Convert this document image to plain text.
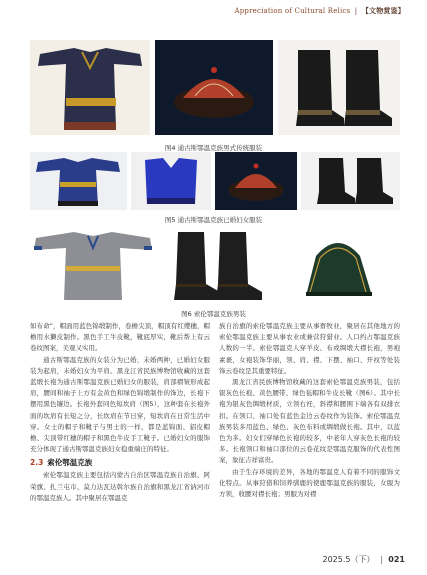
Appreciation of Cultural Relics | 【文物赏鉴】
图4 通古斯鄂温克族男式传统服装
图5 通古斯鄂温克族已婚妇女服装
图6 索伦鄂温克族男装

如布命”，帽面用蓝色锦缎制作，卷檐尖顶，帽顶有红缨穗，帽檐用水獭皮制作。黑色手工牛皮靴，靴底厚实，靴后帮上有云卷纹图案，美观又实用。

通古斯鄂温克族的女装分为已婚、未婚两种，已婚妇女服装为起肩，未婚妇女为平肩。黑龙江省民族博物馆收藏的这套蓝缎长袍为通古斯鄂温克族已婚妇女的服装，肩部褶皱形成起肩，腰间和袖子上方有金黄色和绿色锦缎制作的饰边，长袍下摆用黑色镶边。长袍外套同色短坎肩（图5），这种套在长袍外面的坎肩有长短之分，长坎肩在节日穿，短坎肩在日常生活中穿。女士的帽子和靴子与男士的一样，都是蓝锦面、貂皮帽檐、尖顶带红穗的帽子和黑色牛皮手工靴子。已婚妇女的服饰充分体现了通古斯鄂温克族妇女稳重端庄的特征。

2.3 索伦鄂温克族

索伦鄂温克族主要包括内蒙古自治区鄂温克族自治旗、阿荣旗、扎兰屯市、莫力达瓦达斡尔族自治旗和黑龙江省讷河市的鄂温克族人。其中聚居在鄂温克

族自治旗的索伦鄂温克族主要从事畜牧业，聚居在其他地方的索伦鄂温克族主要从事农业或兼营狩猎业。人口约占鄂温克族人数的一半。索伦鄂温克人穿羊皮、布或绸缎大襟长袍，男袍素裹，女袍装饰华丽，领、肩、襟、下摆、袖口、开衩等处装饰云卷纹是其重要特征。

黑龙江省民族博物馆收藏的这套索伦鄂温克族男装，包括银灰色长袍、黄色腰带、绿色毡帽和牛皮长靴（图6）。其中长袍为银灰色绸缎材质，立领右衽，斜襟和腰围下端各有双排衣扣。在领口、袖口处有蓝色金边云卷纹作为装饰。索伦鄂温克族男装多用蓝色、绿色、灰色布料或绸缎做长袍。其中，以蓝色为多。妇女们穿绿色长袍的较多，中老年人穿灰色长袍的较多。长袍领口和袖口部位的云卷花纹是鄂温克服饰的代表性图案，象征吉祥富贵。

由于生存环境的差异，各地的鄂温克人有着不同的服饰文化特点。从事狩猎和饲养驯鹿的使鹿鄂温克族的服装，女服为方领，收腰对襟长袍；男服为对襟

2025.5（下） | 021
